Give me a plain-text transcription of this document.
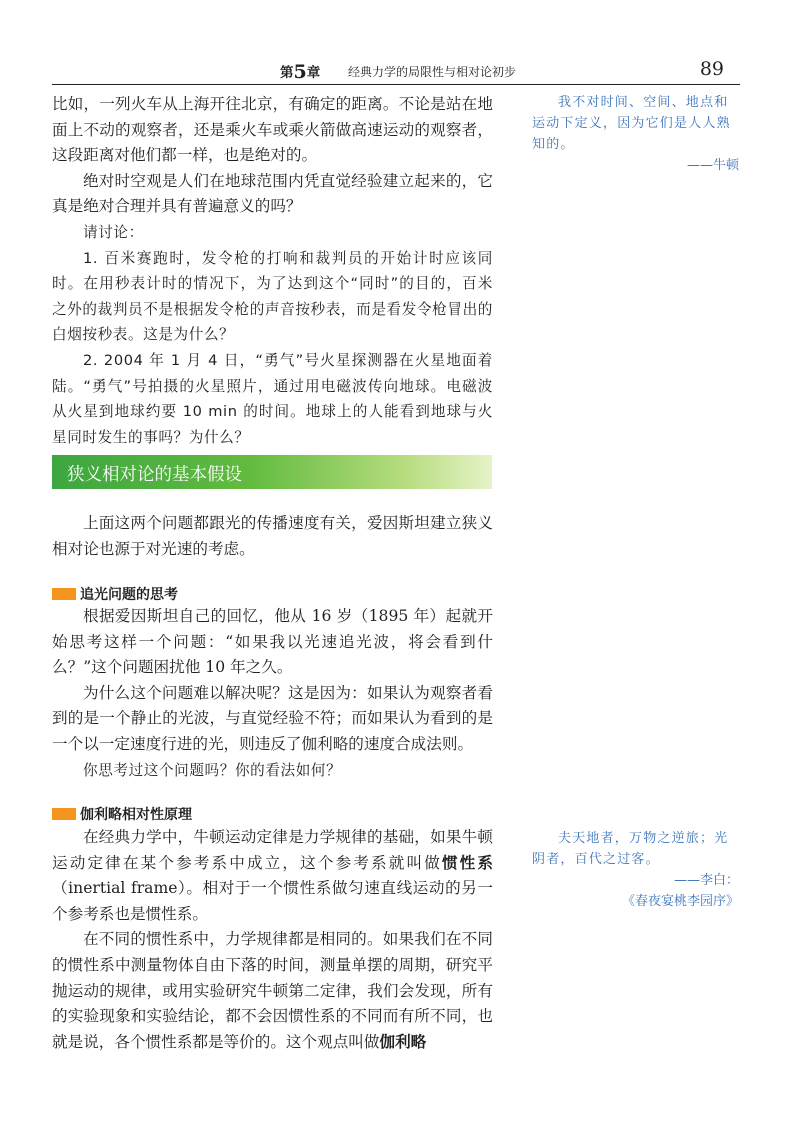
第5章 经典力学的局限性与相对论初步	89

比如，一列火车从上海开往北京，有确定的距离。不论是站在地面上不动的观察者，还是乘火车或乘火箭做高速运动的观察者，这段距离对他们都一样，也是绝对的。

绝对时空观是人们在地球范围内凭直觉经验建立起来的，它真是绝对合理并具有普遍意义的吗？

请讨论：

1. 百米赛跑时，发令枪的打响和裁判员的开始计时应该同时。在用秒表计时的情况下，为了达到这个“同时”的目的，百米之外的裁判员不是根据发令枪的声音按秒表，而是看发令枪冒出的白烟按秒表。这是为什么？

2. 2004 年 1 月 4 日，“勇气”号火星探测器在火星地面着陆。“勇气”号拍摄的火星照片，通过用电磁波传向地球。电磁波从火星到地球约要 10 min 的时间。地球上的人能看到地球与火星同时发生的事吗？为什么？

狭义相对论的基本假设

上面这两个问题都跟光的传播速度有关，爱因斯坦建立狭义相对论也源于对光速的考虑。

追光问题的思考

根据爱因斯坦自己的回忆，他从 16 岁（1895 年）起就开始思考这样一个问题：“如果我以光速追光波，将会看到什么？”这个问题困扰他 10 年之久。

为什么这个问题难以解决呢？这是因为：如果认为观察者看到的是一个静止的光波，与直觉经验不符；而如果认为看到的是一个以一定速度行进的光，则违反了伽利略的速度合成法则。

你思考过这个问题吗？你的看法如何？

伽利略相对性原理

在经典力学中，牛顿运动定律是力学规律的基础，如果牛顿运动定律在某个参考系中成立，这个参考系就叫做惯性系（inertial frame）。相对于一个惯性系做匀速直线运动的另一个参考系也是惯性系。

在不同的惯性系中，力学规律都是相同的。如果我们在不同的惯性系中测量物体自由下落的时间，测量单摆的周期，研究平抛运动的规律，或用实验研究牛顿第二定律，我们会发现，所有的实验现象和实验结论，都不会因惯性系的不同而有所不同，也就是说，各个惯性系都是等价的。这个观点叫做伽利略

我不对时间、空间、地点和运动下定义，因为它们是人人熟知的。
——牛顿
夫天地者，万物之逆旅；光阴者，百代之过客。
——李白：
《春夜宴桃李园序》
